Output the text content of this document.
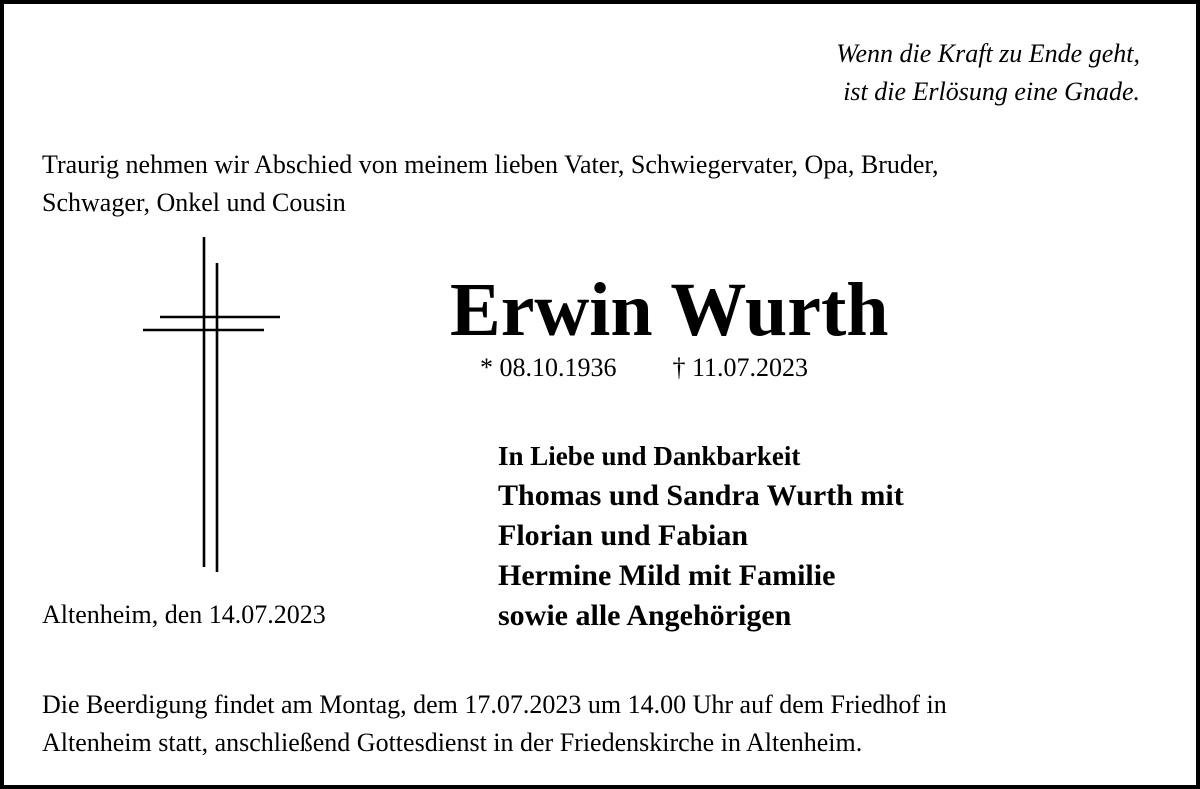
Wenn die Kraft zu Ende geht,
ist die Erlösung eine Gnade.
Traurig nehmen wir Abschied von meinem lieben Vater, Schwiegervater, Opa, Bruder,
Schwager, Onkel und Cousin
Erwin Wurth
* 08.10.1936 † 11.07.2023
In Liebe und Dankbarkeit
Thomas und Sandra Wurth mit
Florian und Fabian
Hermine Mild mit Familie
sowie alle Angehörigen
Altenheim, den 14.07.2023
Die Beerdigung findet am Montag, dem 17.07.2023 um 14.00 Uhr auf dem Friedhof in
Altenheim statt, anschließend Gottesdienst in der Friedenskirche in Altenheim.
